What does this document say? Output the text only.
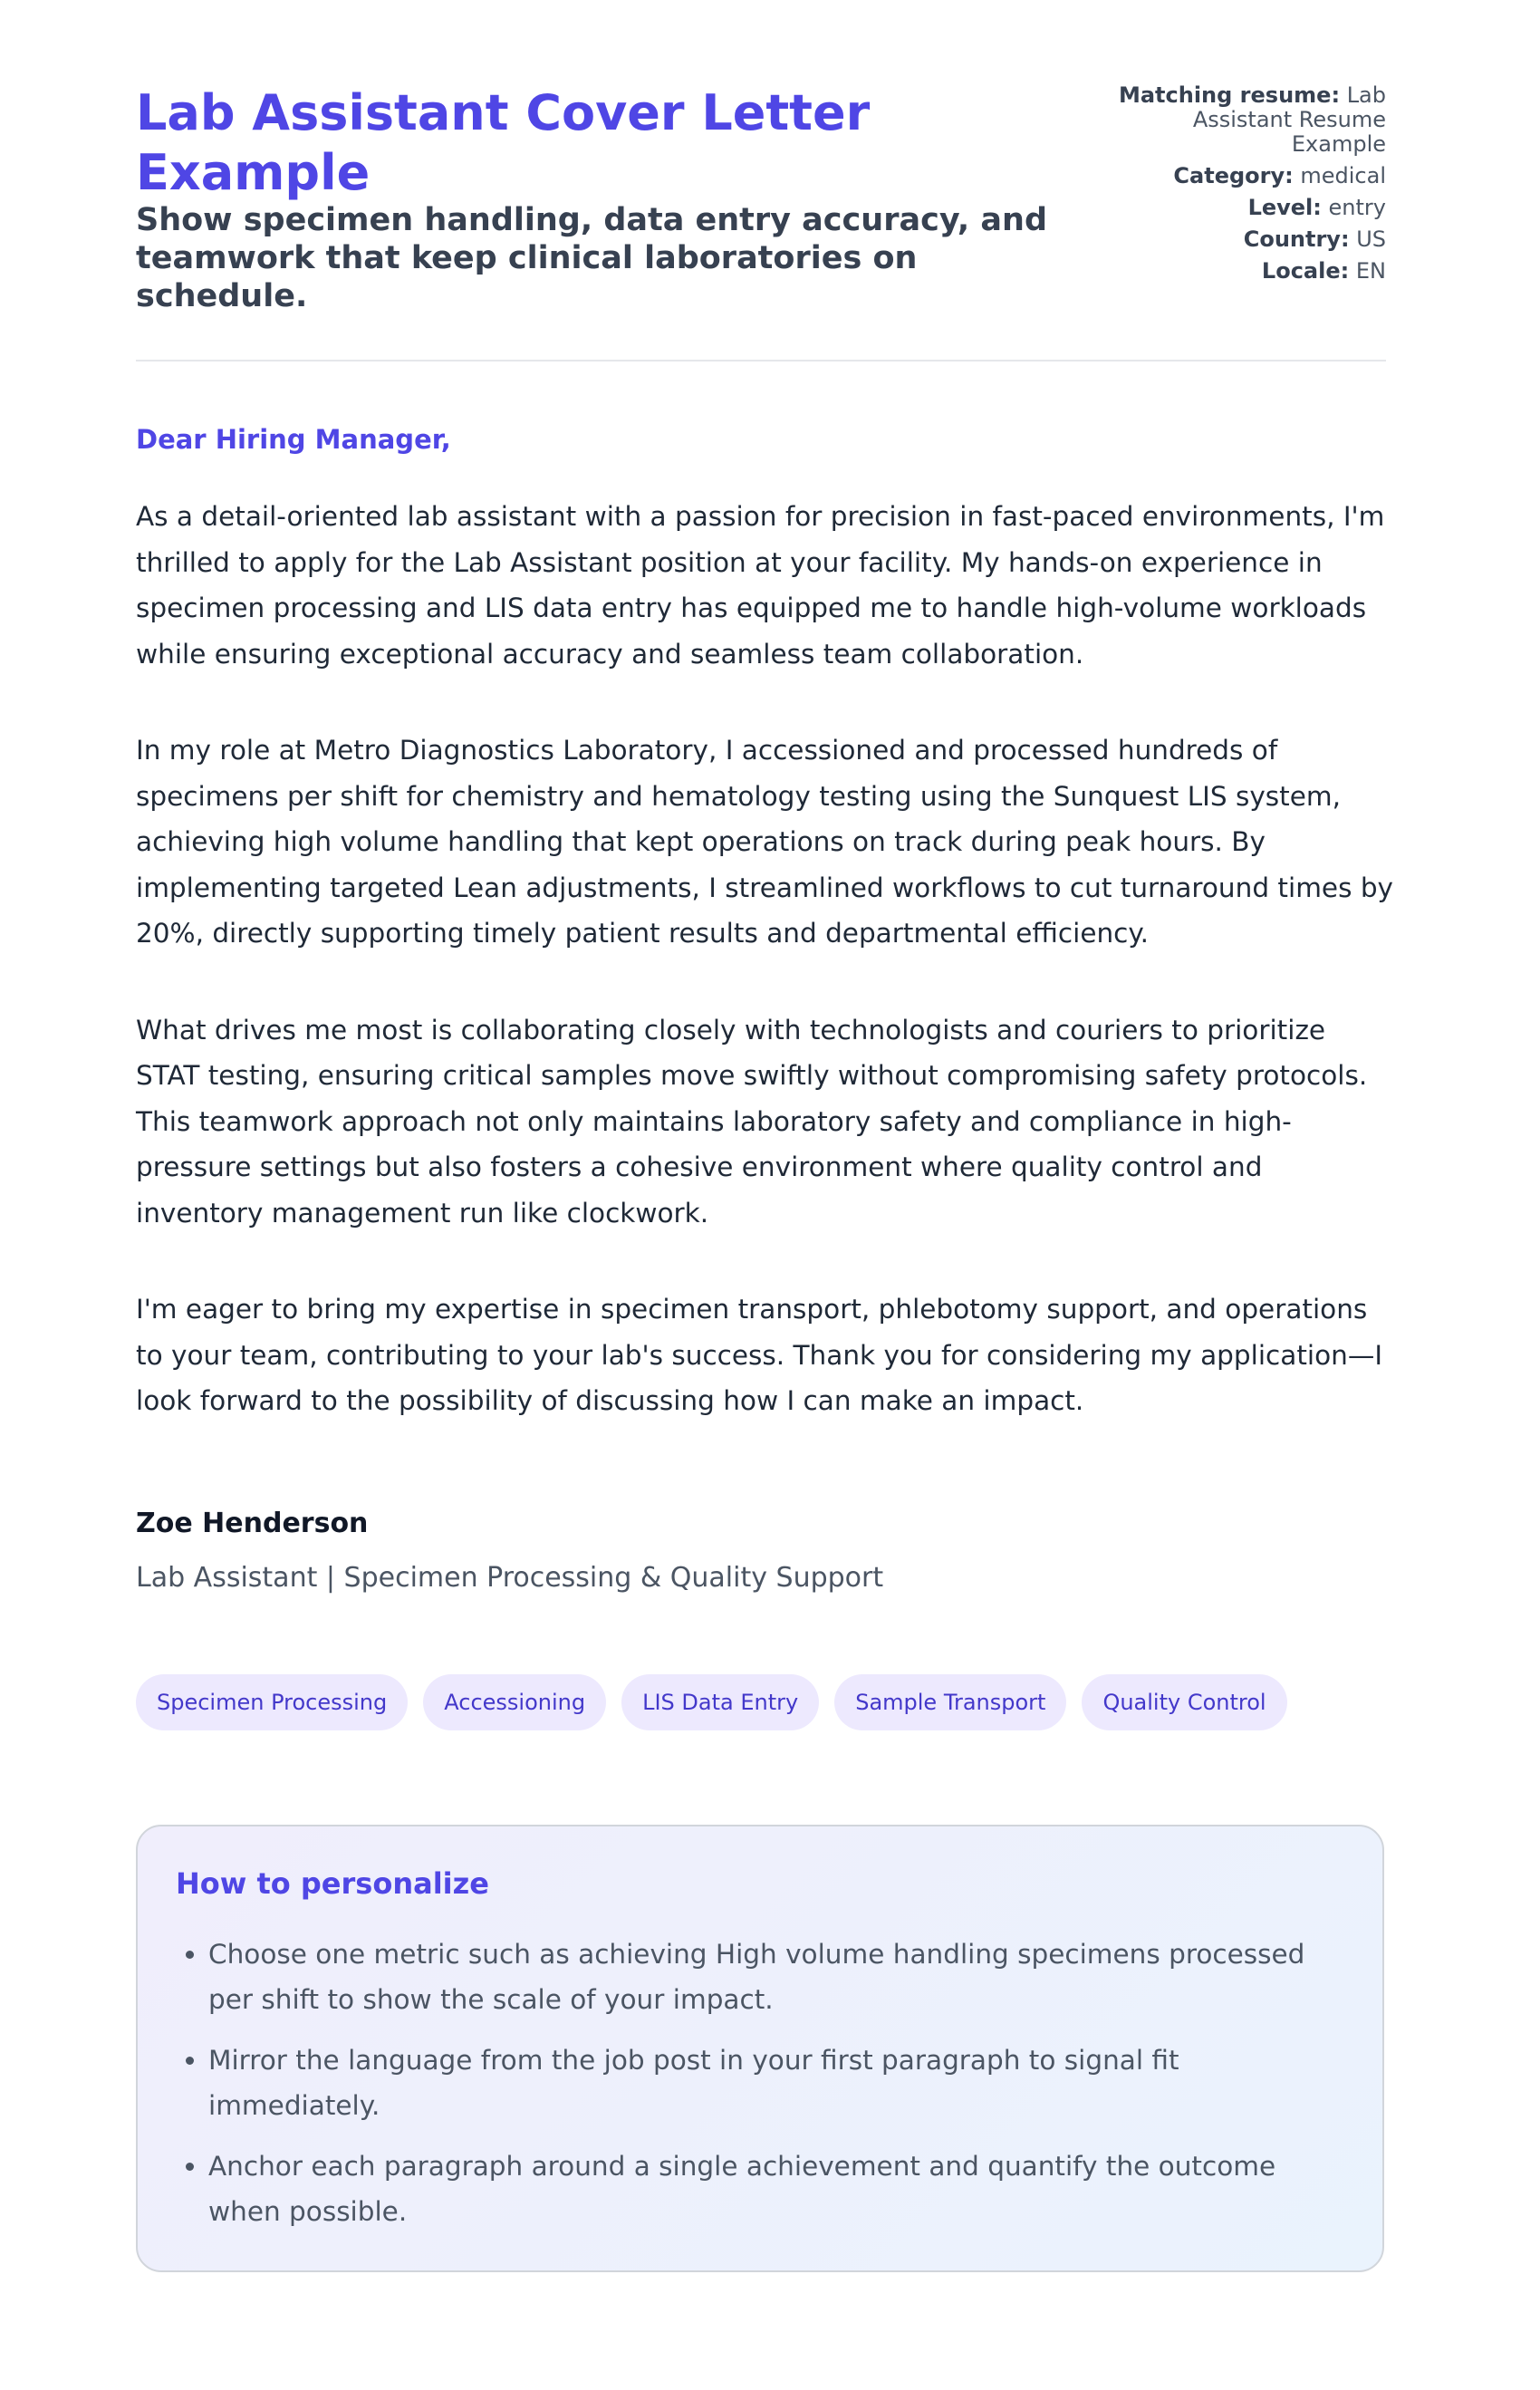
Lab Assistant Cover Letter Example
Show specimen handling, data entry accuracy, and teamwork that keep clinical laboratories on schedule.
Matching resume: Lab Assistant Resume Example
Category: medical
Level: entry
Country: US
Locale: EN

Dear Hiring Manager,

As a detail-oriented lab assistant with a passion for precision in fast-paced environments, I'm thrilled to apply for the Lab Assistant position at your facility. My hands-on experience in specimen processing and LIS data entry has equipped me to handle high-volume workloads while ensuring exceptional accuracy and seamless team collaboration.

In my role at Metro Diagnostics Laboratory, I accessioned and processed hundreds of specimens per shift for chemistry and hematology testing using the Sunquest LIS system, achieving high volume handling that kept operations on track during peak hours. By implementing targeted Lean adjustments, I streamlined workflows to cut turnaround times by 20%, directly supporting timely patient results and departmental efficiency.

What drives me most is collaborating closely with technologists and couriers to prioritize STAT testing, ensuring critical samples move swiftly without compromising safety protocols. This teamwork approach not only maintains laboratory safety and compliance in high-pressure settings but also fosters a cohesive environment where quality control and inventory management run like clockwork.

I'm eager to bring my expertise in specimen transport, phlebotomy support, and operations to your team, contributing to your lab's success. Thank you for considering my application—I look forward to the possibility of discussing how I can make an impact.

Zoe Henderson

Lab Assistant | Specimen Processing & Quality Support

Specimen Processing	Accessioning	LIS Data Entry	Sample Transport	Quality Control
How to personalize
• Choose one metric such as achieving High volume handling specimens processed per shift to show the scale of your impact.
• Mirror the language from the job post in your first paragraph to signal fit immediately.
• Anchor each paragraph around a single achievement and quantify the outcome when possible.
